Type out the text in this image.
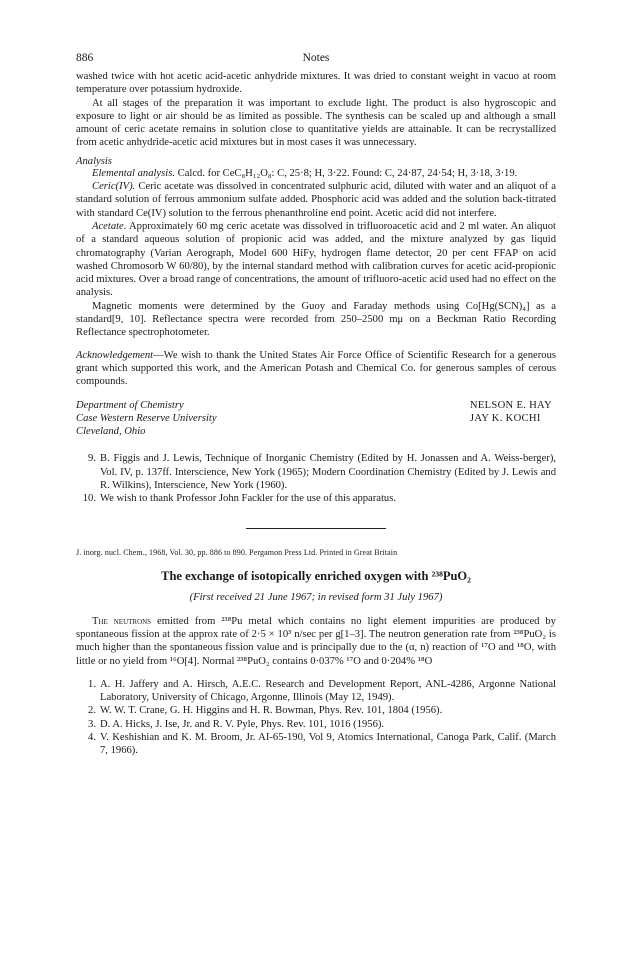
886	Notes

washed twice with hot acetic acid-acetic anhydride mixtures. It was dried to constant weight in vacuo at room temperature over potassium hydroxide.

At all stages of the preparation it was important to exclude light. The product is also hygroscopic and exposure to light or air should be as limited as possible. The synthesis can be scaled up and although a small amount of ceric acetate remains in solution close to quantitative yields are attainable. It can be recrystallized from acetic anhydride-acetic acid mixtures but in most cases it was unnecessary.

Analysis

Elemental analysis. Calcd. for CeC₈H₁₂O₈: C, 25·8; H, 3·22. Found: C, 24·87, 24·54; H, 3·18, 3·19.

Ceric(IV). Ceric acetate was dissolved in concentrated sulphuric acid, diluted with water and an aliquot of a standard solution of ferrous ammonium sulfate added. Phosphoric acid was added and the solution back-titrated with standard Ce(IV) solution to the ferrous phenanthroline end point. Acetic acid did not interfere.

Acetate. Approximately 60 mg ceric acetate was dissolved in trifluoroacetic acid and 2 ml water. An aliquot of a standard aqueous solution of propionic acid was added, and the mixture analyzed by gas liquid chromatography (Varian Aerograph, Model 600 HiFy, hydrogen flame detector, 20 per cent FFAP on acid washed Chromosorb W 60/80), by the internal standard method with calibration curves for acetic acid-propionic acid mixtures. Over a broad range of concentrations, the amount of trifluoro-acetic acid used had no effect on the analysis.

Magnetic moments were determined by the Guoy and Faraday methods using Co[Hg(SCN)₄] as a standard[9, 10]. Reflectance spectra were recorded from 250–2500 mμ on a Beckman Ratio Recording Reflectance spectrophotometer.

Acknowledgement—We wish to thank the United States Air Force Office of Scientific Research for a generous grant which supported this work, and the American Potash and Chemical Co. for generous samples of cerous compounds.

Department of Chemistry
Case Western Reserve University
Cleveland, Ohio
NELSON E. HAY
JAY K. KOCHI
9. B. Figgis and J. Lewis, Technique of Inorganic Chemistry (Edited by H. Jonassen and A. Weiss-berger), Vol. IV, p. 137ff. Interscience, New York (1965); Modern Coordination Chemistry (Edited by J. Lewis and R. Wilkins), Interscience, New York (1960).
10. We wish to thank Professor John Fackler for the use of this apparatus.
J. inorg. nucl. Chem., 1968, Vol. 30, pp. 886 to 890. Pergamon Press Ltd. Printed in Great Britain
The exchange of isotopically enriched oxygen with ²³⁸PuO₂
(First received 21 June 1967; in revised form 31 July 1967)

The neutrons emitted from ²³⁸Pu metal which contains no light element impurities are produced by spontaneous fission at the approx rate of 2·5 × 10³ n/sec per g[1–3]. The neutron generation rate from ²³⁸PuO₂ is much higher than the spontaneous fission value and is principally due to the (α, n) reaction of ¹⁷O and ¹⁸O, with little or no yield from ¹⁶O[4]. Normal ²³⁸PuO₂ contains 0·037% ¹⁷O and 0·204% ¹⁸O

1. A. H. Jaffery and A. Hirsch, A.E.C. Research and Development Report, ANL-4286, Argonne National Laboratory, University of Chicago, Argonne, Illinois (May 12, 1949).
2. W. W. T. Crane, G. H. Higgins and H. R. Bowman, Phys. Rev. 101, 1804 (1956).
3. D. A. Hicks, J. Ise, Jr. and R. V. Pyle, Phys. Rev. 101, 1016 (1956).
4. V. Keshishian and K. M. Broom, Jr. AI-65-190, Vol 9, Atomics International, Canoga Park, Calif. (March 7, 1966).
